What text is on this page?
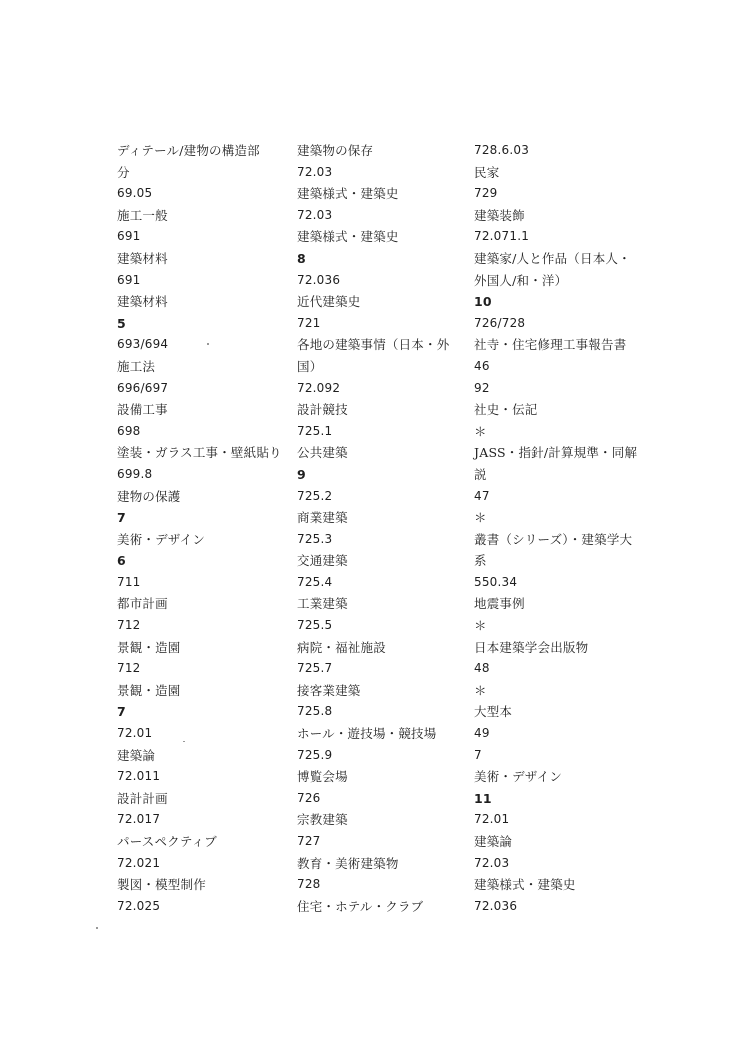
ディテール/建物の構造部
分
69.05
施工一般
691
建築材料
691
建築材料
5
693/694
施工法
696/697
設備工事
698
塗装・ガラス工事・壁紙貼り
699.8
建物の保護
7
美術・デザイン
6
711
都市計画
712
景観・造園
712
景観・造園
7
72.01
建築論
72.011
設計計画
72.017
パースペクティブ
72.021
製図・模型制作
72.025
建築物の保存
72.03
建築様式・建築史
72.03
建築様式・建築史
8
72.036
近代建築史
721
各地の建築事情（日本・外
国）
72.092
設計競技
725.1
公共建築
9
725.2
商業建築
725.3
交通建築
725.4
工業建築
725.5
病院・福祉施設
725.7
接客業建築
725.8
ホール・遊技場・競技場
725.9
博覧会場
726
宗教建築
727
教育・美術建築物
728
住宅・ホテル・クラブ
728.6.03
民家
729
建築装飾
72.071.1
建築家/人と作品（日本人・
外国人/和・洋）
10
726/728
社寺・住宅修理工事報告書
46
92
社史・伝記
＊
JASS・指針/計算規準・同解
説
47
＊
叢書（シリーズ）・建築学大
系
550.34
地震事例
＊
日本建築学会出版物
48
＊
大型本
49
7
美術・デザイン
11
72.01
建築論
72.03
建築様式・建築史
72.036
